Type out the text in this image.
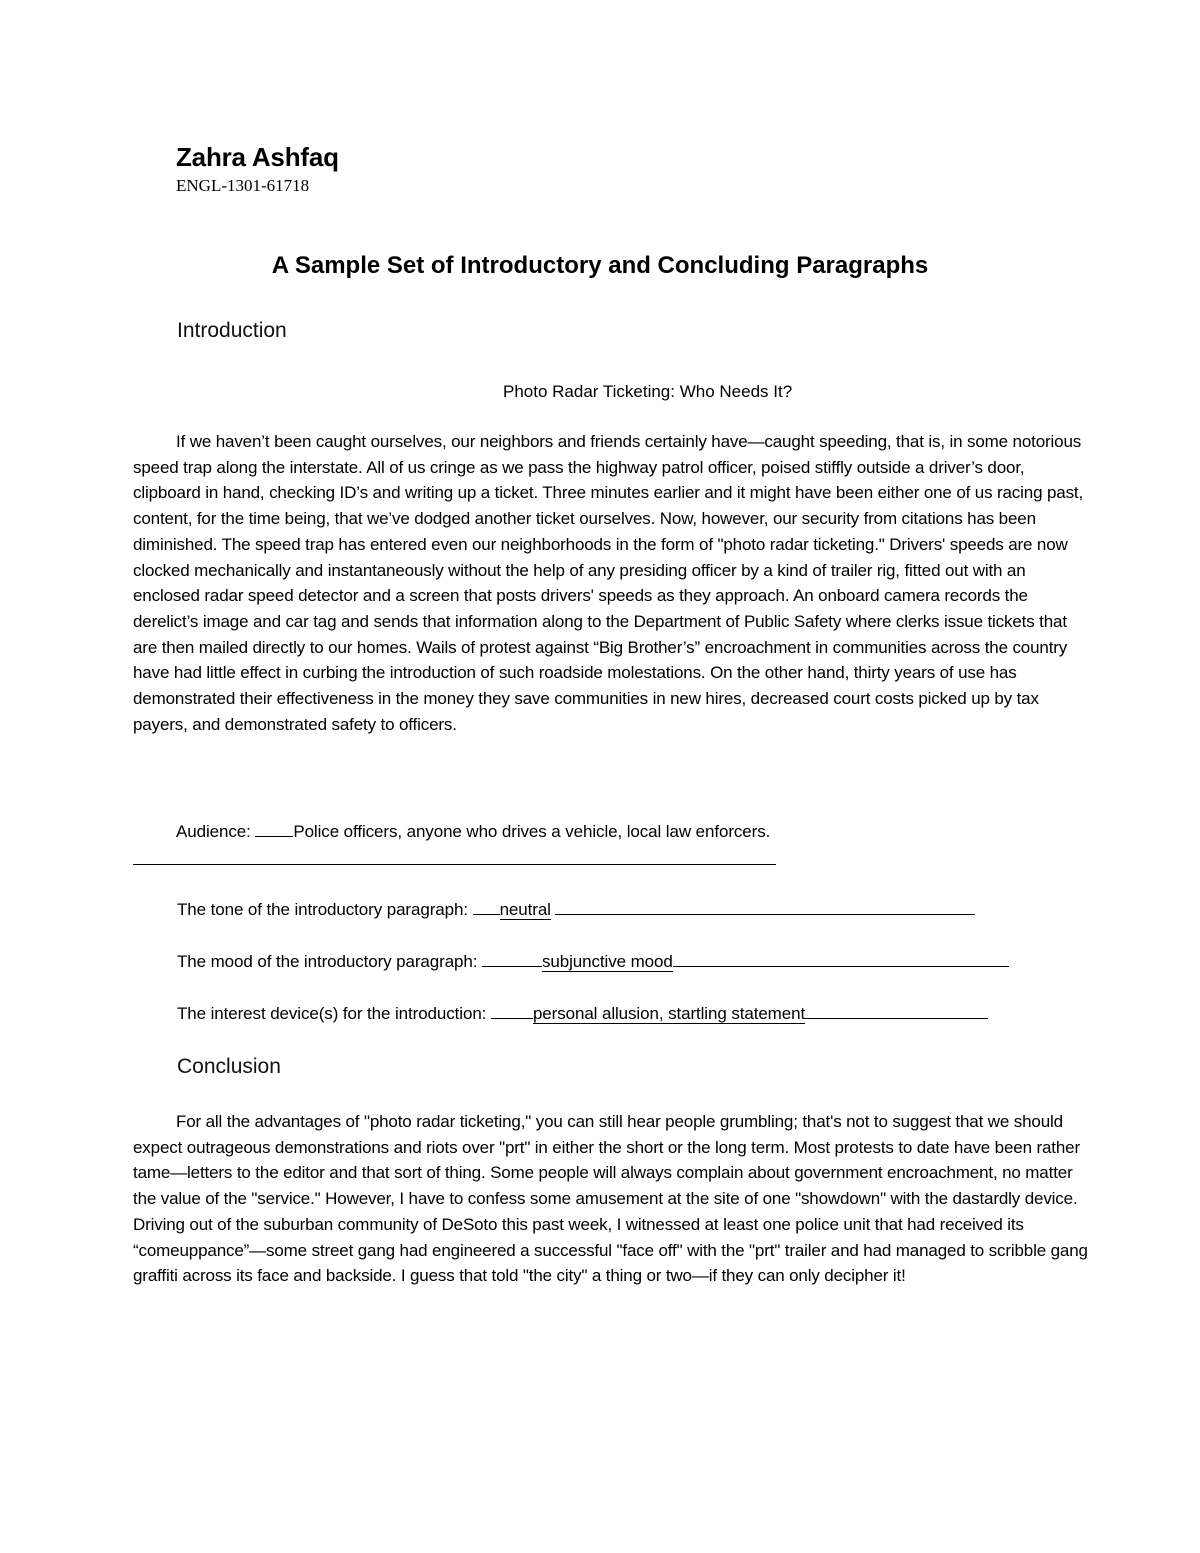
Zahra Ashfaq
ENGL-1301-61718
A Sample Set of Introductory and Concluding Paragraphs
Introduction
Photo Radar Ticketing: Who Needs It?

If we haven’t been caught ourselves, our neighbors and friends certainly have—caught speeding, that is, in some notorious speed trap along the interstate. All of us cringe as we pass the highway patrol officer, poised stiffly outside a driver’s door, clipboard in hand, checking ID’s and writing up a ticket. Three minutes earlier and it might have been either one of us racing past, content, for the time being, that we’ve dodged another ticket ourselves. Now, however, our security from citations has been diminished. The speed trap has entered even our neighborhoods in the form of "photo radar ticketing." Drivers' speeds are now clocked mechanically and instantaneously without the help of any presiding officer by a kind of trailer rig, fitted out with an enclosed radar speed detector and a screen that posts drivers' speeds as they approach. An onboard camera records the derelict’s image and car tag and sends that information along to the Department of Public Safety where clerks issue tickets that are then mailed directly to our homes. Wails of protest against “Big Brother’s” encroachment in communities across the country have had little effect in curbing the introduction of such roadside molestations. On the other hand, thirty years of use has demonstrated their effectiveness in the money they save communities in new hires, decreased court costs picked up by tax payers, and demonstrated safety to officers.

Audience:	Police officers, anyone who drives a vehicle, local law enforcers.
The tone of the introductory paragraph: neutral
The mood of the introductory paragraph:	subjunctive mood
The interest device(s) for the introduction:	personal allusion, startling statement
Conclusion

For all the advantages of "photo radar ticketing," you can still hear people grumbling; that's not to suggest that we should expect outrageous demonstrations and riots over "prt" in either the short or the long term. Most protests to date have been rather tame—letters to the editor and that sort of thing. Some people will always complain about government encroachment, no matter the value of the "service." However, I have to confess some amusement at the site of one "showdown" with the dastardly device. Driving out of the suburban community of DeSoto this past week, I witnessed at least one police unit that had received its “comeuppance”—some street gang had engineered a successful "face off" with the "prt" trailer and had managed to scribble gang graffiti across its face and backside. I guess that told "the city" a thing or two—if they can only decipher it!
